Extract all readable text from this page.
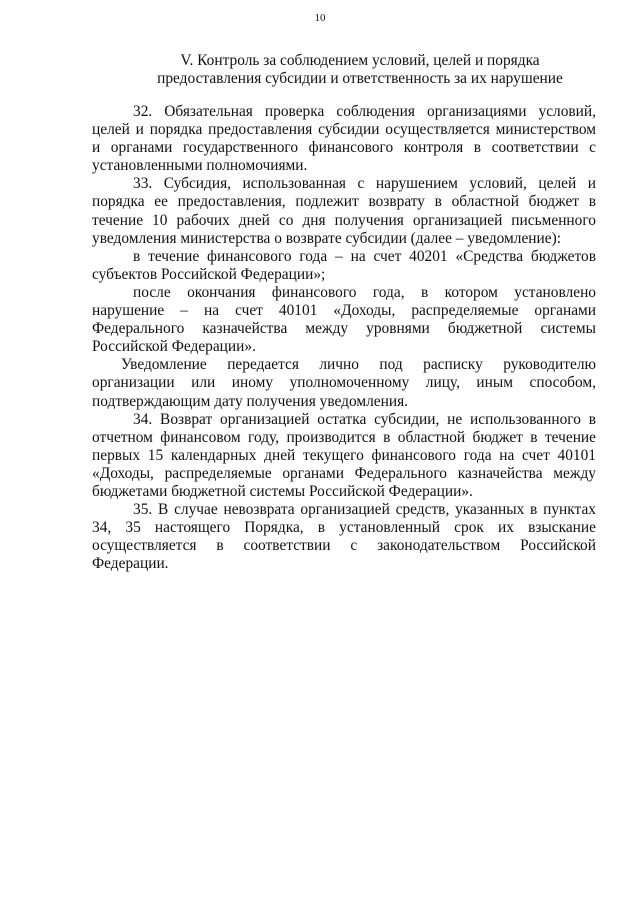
10
V. Контроль за соблюдением условий, целей и порядка
предоставления субсидии и ответственность за их нарушение

32. Обязательная проверка соблюдения организациями условий, целей и порядка предоставления субсидии осуществляется министерством и органами государственного финансового контроля в соответствии с установленными полномочиями.

33. Субсидия, использованная с нарушением условий, целей и порядка ее предоставления, подлежит возврату в областной бюджет в течение 10 рабочих дней со дня получения организацией письменного уведомления министерства о возврате субсидии (далее – уведомление):

в течение финансового года – на счет 40201 «Средства бюджетов субъектов Российской Федерации»;

после окончания финансового года, в котором установлено нарушение – на счет 40101 «Доходы, распределяемые органами Федерального казначейства между уровнями бюджетной системы Российской Федерации».

Уведомление передается лично под расписку руководителю организации или иному уполномоченному лицу, иным способом, подтверждающим дату получения уведомления.

34. Возврат организацией остатка субсидии, не использованного в отчетном финансовом году, производится в областной бюджет в течение первых 15 календарных дней текущего финансового года на счет 40101 «Доходы, распределяемые органами Федерального казначейства между бюджетами бюджетной системы Российской Федерации».

35. В случае невозврата организацией средств, указанных в пунктах 34, 35 настоящего Порядка, в установленный срок их взыскание осуществляется в соответствии с законодательством Российской Федерации.
